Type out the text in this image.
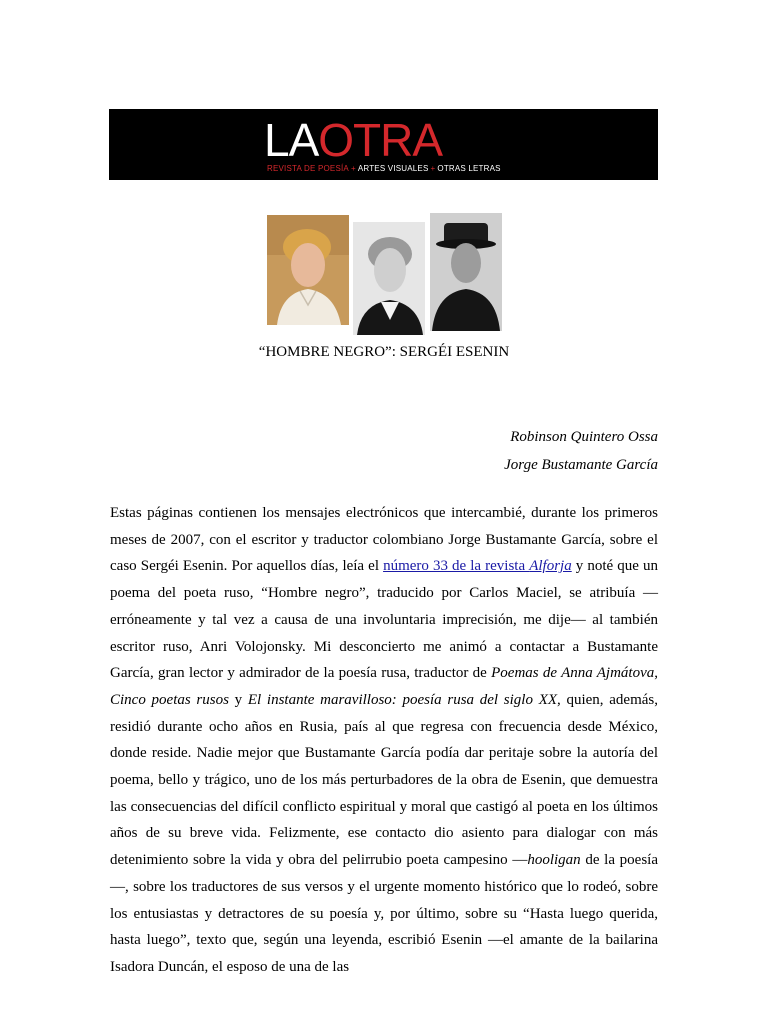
LAOTRA
REVISTA DE POESÍA + ARTES VISUALES + OTRAS LETRAS
“HOMBRE NEGRO”: SERGÉI ESENIN
Robinson Quintero Ossa
Jorge Bustamante García
Estas páginas contienen los mensajes electrónicos que intercambié, durante los primeros meses de 2007, con el escritor y traductor colombiano Jorge Bustamante García, sobre el caso Sergéi Esenin. Por aquellos días, leía el número 33 de la revista Alforja y noté que un poema del poeta ruso, “Hombre negro”, traducido por Carlos Maciel, se atribuía —erróneamente y tal vez a causa de una involuntaria imprecisión, me dije— al también escritor ruso, Anri Volojonsky. Mi desconcierto me animó a contactar a Bustamante García, gran lector y admirador de la poesía rusa, traductor de Poemas de Anna Ajmátova, Cinco poetas rusos y El instante maravilloso: poesía rusa del siglo XX, quien, además, residió durante ocho años en Rusia, país al que regresa con frecuencia desde México, donde reside. Nadie mejor que Bustamante García podía dar peritaje sobre la autoría del poema, bello y trágico, uno de los más perturbadores de la obra de Esenin, que demuestra las consecuencias del difícil conflicto espiritual y moral que castigó al poeta en los últimos años de su breve vida. Felizmente, ese contacto dio asiento para dialogar con más detenimiento sobre la vida y obra del pelirrubio poeta campesino —hooligan de la poesía—, sobre los traductores de sus versos y el urgente momento histórico que lo rodeó, sobre los entusiastas y detractores de su poesía y, por último, sobre su “Hasta luego querida, hasta luego”, texto que, según una leyenda, escribió Esenin —el amante de la bailarina Isadora Duncán, el esposo de una de las
